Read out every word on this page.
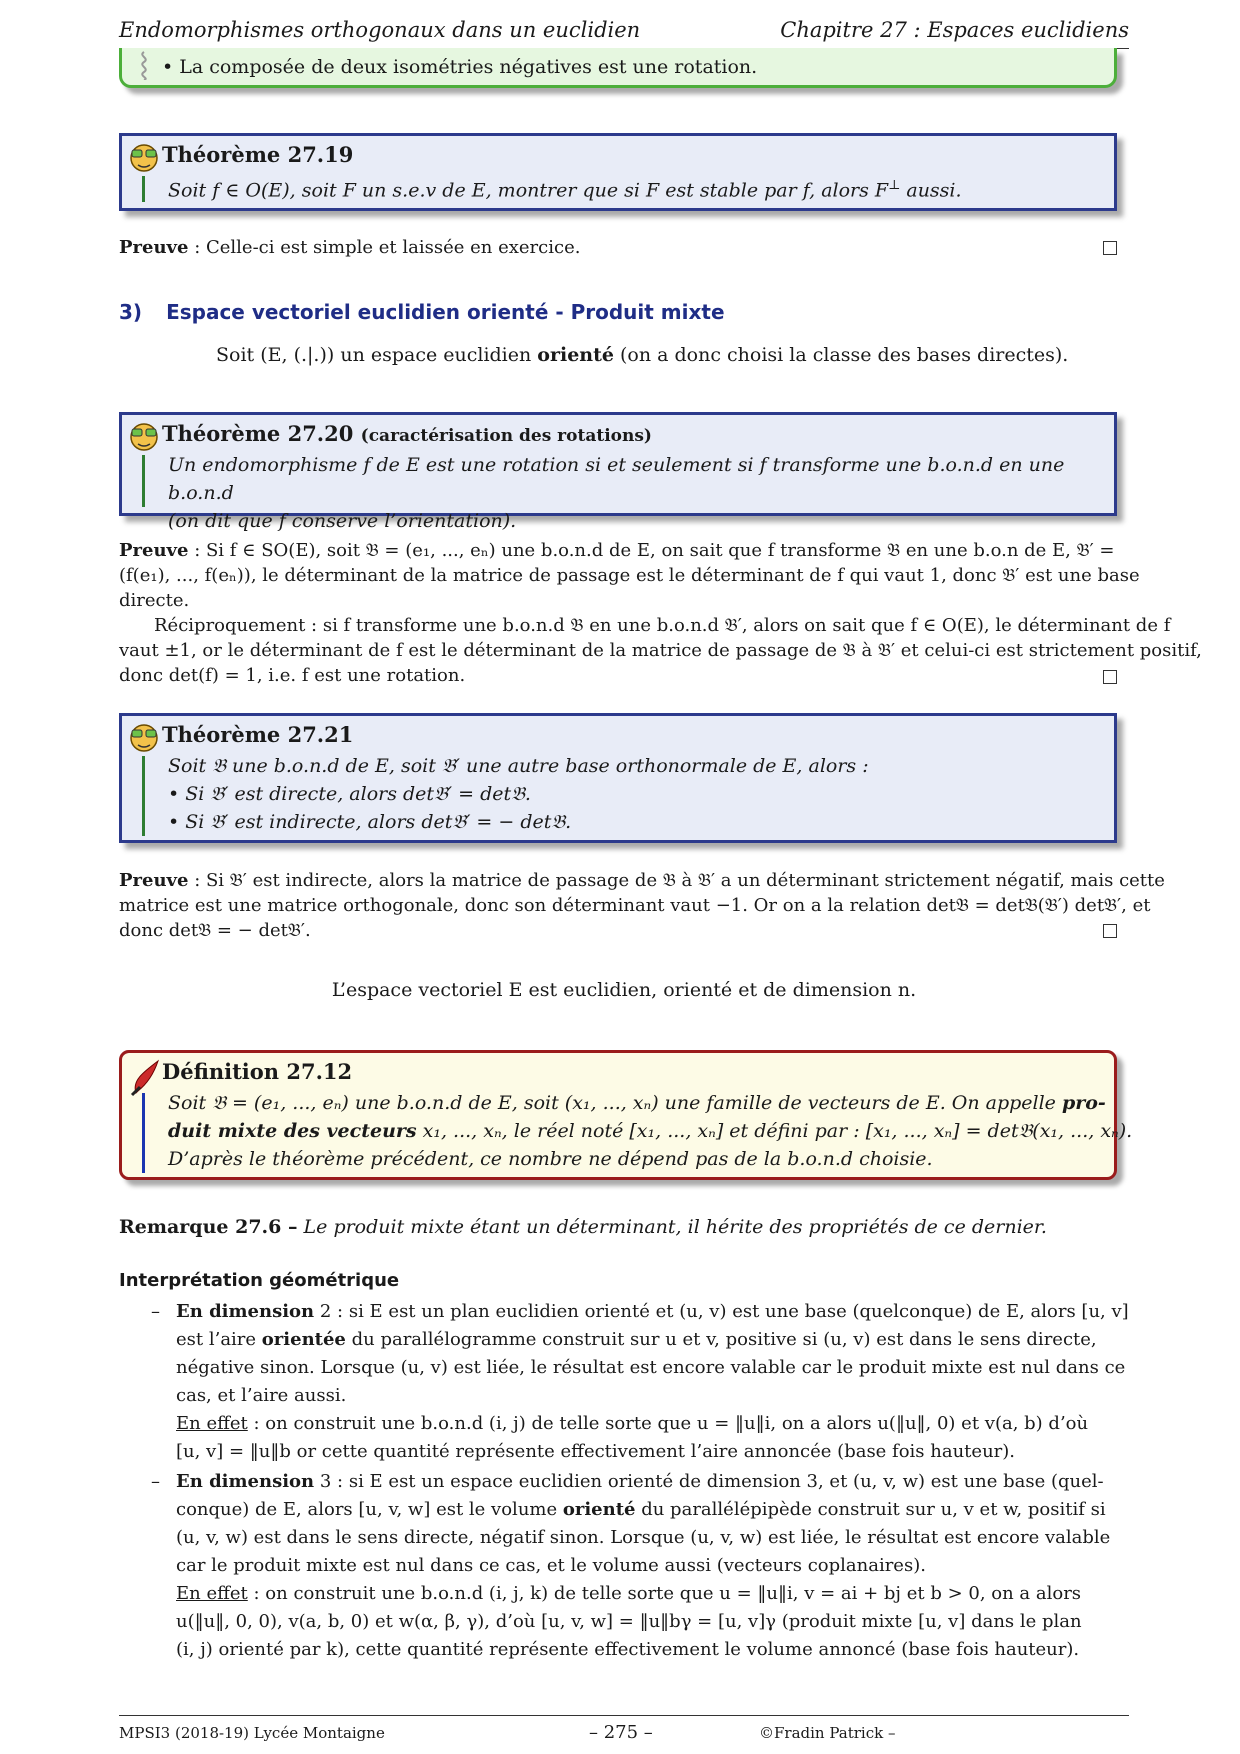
Endomorphismes orthogonaux dans un euclidien	Chapitre 27 : Espaces euclidiens
• La composée de deux isométries négatives est une rotation.
Théorème 27.19
Soit f ∈ O(E), soit F un s.e.v de E, montrer que si F est stable par f, alors F⊥ aussi.
Preuve : Celle-ci est simple et laissée en exercice.
3) Espace vectoriel euclidien orienté - Produit mixte
Soit (E, (.|.)) un espace euclidien orienté (on a donc choisi la classe des bases directes).
Théorème 27.20 (caractérisation des rotations)
Un endomorphisme f de E est une rotation si et seulement si f transforme une b.o.n.d en une b.o.n.d
(on dit que f conserve l’orientation).
Preuve : Si f ∈ SO(E), soit 𝔅 = (e₁, ..., eₙ) une b.o.n.d de E, on sait que f transforme 𝔅 en une b.o.n de E, 𝔅′ =
(f(e₁), ..., f(eₙ)), le déterminant de la matrice de passage est le déterminant de f qui vaut 1, donc 𝔅′ est une base
directe.
Réciproquement : si f transforme une b.o.n.d 𝔅 en une b.o.n.d 𝔅′, alors on sait que f ∈ O(E), le déterminant de f
vaut ±1, or le déterminant de f est le déterminant de la matrice de passage de 𝔅 à 𝔅′ et celui-ci est strictement positif,
donc det(f) = 1, i.e. f est une rotation.
Théorème 27.21
Soit 𝔅 une b.o.n.d de E, soit 𝔅′ une autre base orthonormale de E, alors :
• Si 𝔅′ est directe, alors det𝔅′ = det𝔅.
• Si 𝔅′ est indirecte, alors det𝔅′ = − det𝔅.
Preuve : Si 𝔅′ est indirecte, alors la matrice de passage de 𝔅 à 𝔅′ a un déterminant strictement négatif, mais cette
matrice est une matrice orthogonale, donc son déterminant vaut −1. Or on a la relation det𝔅 = det𝔅(𝔅′) det𝔅′, et
donc det𝔅 = − det𝔅′.
L’espace vectoriel E est euclidien, orienté et de dimension n.
Définition 27.12
Soit 𝔅 = (e₁, ..., eₙ) une b.o.n.d de E, soit (x₁, ..., xₙ) une famille de vecteurs de E. On appelle pro-
duit mixte des vecteurs x₁, ..., xₙ, le réel noté [x₁, ..., xₙ] et défini par : [x₁, ..., xₙ] = det𝔅(x₁, ..., xₙ).
D’après le théorème précédent, ce nombre ne dépend pas de la b.o.n.d choisie.
Remarque 27.6 – Le produit mixte étant un déterminant, il hérite des propriétés de ce dernier.
Interprétation géométrique
– En dimension 2 : si E est un plan euclidien orienté et (u, v) est une base (quelconque) de E, alors [u, v]
est l’aire orientée du parallélogramme construit sur u et v, positive si (u, v) est dans le sens directe,
négative sinon. Lorsque (u, v) est liée, le résultat est encore valable car le produit mixte est nul dans ce
cas, et l’aire aussi.
En effet : on construit une b.o.n.d (i, j) de telle sorte que u = ‖u‖i, on a alors u(‖u‖, 0) et v(a, b) d’où
[u, v] = ‖u‖b or cette quantité représente effectivement l’aire annoncée (base fois hauteur).
– En dimension 3 : si E est un espace euclidien orienté de dimension 3, et (u, v, w) est une base (quel-
conque) de E, alors [u, v, w] est le volume orienté du parallélépipède construit sur u, v et w, positif si
(u, v, w) est dans le sens directe, négatif sinon. Lorsque (u, v, w) est liée, le résultat est encore valable
car le produit mixte est nul dans ce cas, et le volume aussi (vecteurs coplanaires).
En effet : on construit une b.o.n.d (i, j, k) de telle sorte que u = ‖u‖i, v = ai + bj et b > 0, on a alors
u(‖u‖, 0, 0), v(a, b, 0) et w(α, β, γ), d’où [u, v, w] = ‖u‖bγ = [u, v]γ (produit mixte [u, v] dans le plan
(i, j) orienté par k), cette quantité représente effectivement le volume annoncé (base fois hauteur).
MPSI3 (2018-19) Lycée Montaigne	– 275 –	©Fradin Patrick –
